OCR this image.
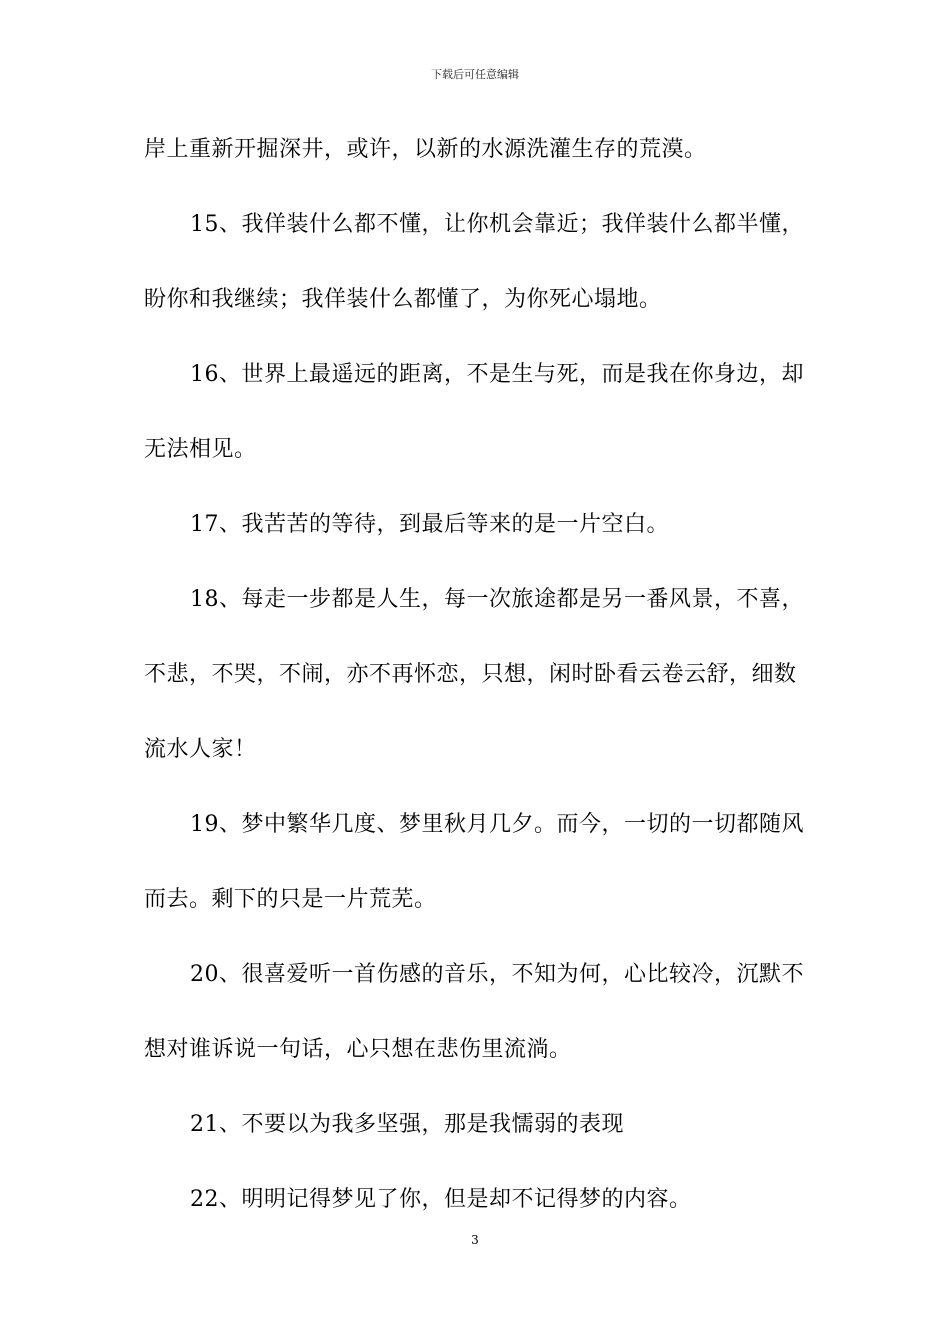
下载后可任意编辑
岸上重新开掘深井，或许，以新的水源洗灌生存的荒漠。
15、我佯装什么都不懂，让你机会靠近；我佯装什么都半懂，
盼你和我继续；我佯装什么都懂了，为你死心塌地。
16、世界上最遥远的距离，不是生与死，而是我在你身边，却
无法相见。
17、我苦苦的等待，到最后等来的是一片空白。
18、每走一步都是人生，每一次旅途都是另一番风景，不喜，
不悲，不哭，不闹，亦不再怀恋，只想，闲时卧看云卷云舒，细数
流水人家！
19、梦中繁华几度、梦里秋月几夕。而今，一切的一切都随风
而去。剩下的只是一片荒芜。
20、很喜爱听一首伤感的音乐，不知为何，心比较冷，沉默不
想对谁诉说一句话，心只想在悲伤里流淌。
21、不要以为我多坚强，那是我懦弱的表现
22、明明记得梦见了你，但是却不记得梦的内容。
3
